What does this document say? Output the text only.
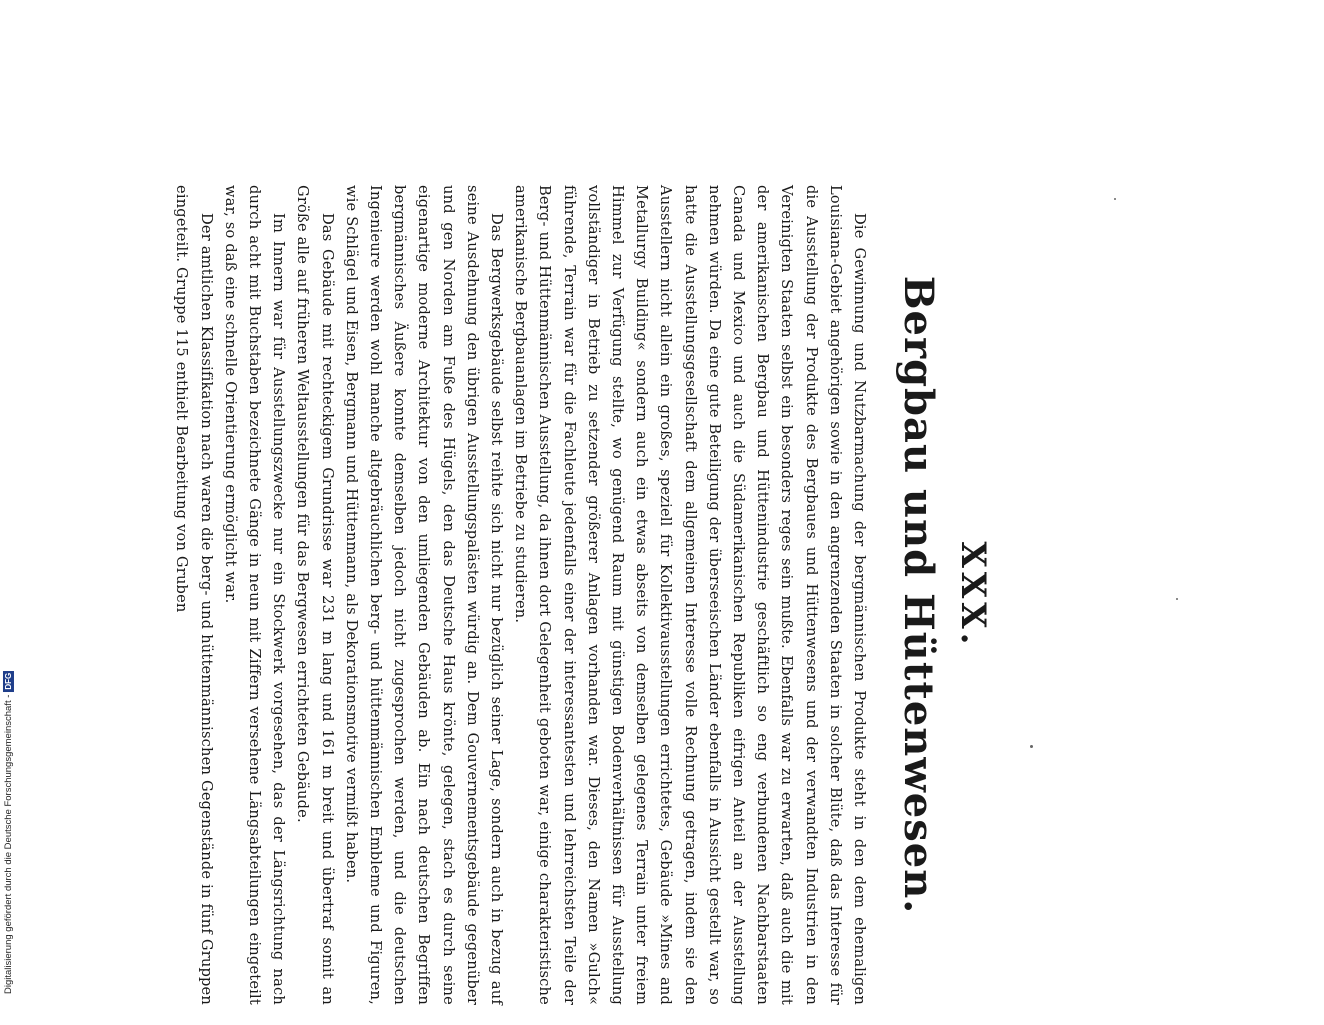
XXX.
Bergbau und Hüttenwesen.

Die Gewinnung und Nutzbarmachung der bergmännischen Produkte steht in den dem ehemaligen Louisiana-Gebiet angehörigen sowie in den angrenzenden Staaten in solcher Blüte, daß das Interesse für die Ausstellung der Produkte des Bergbaues und Hüttenwesens und der verwandten Industrien in den Vereinigten Staaten selbst ein besonders reges sein mußte. Ebenfalls war zu erwarten, daß auch die mit der amerikanischen Bergbau und Hüttenindustrie geschäftlich so eng verbundenen Nachbarstaaten Canada und Mexico und auch die Südamerikanischen Republiken eifrigen Anteil an der Ausstellung nehmen würden. Da eine gute Beteiligung der überseeischen Länder ebenfalls in Aussicht gestellt war, so hatte die Ausstellungsgesellschaft dem allgemeinen Interesse volle Rechnung getragen, indem sie den Ausstellern nicht allein ein großes, speziell für Kollektivausstellungen errichtetes, Gebäude »Mines and Metallurgy Building« sondern auch ein etwas abseits von demselben gelegenes Terrain unter freiem Himmel zur Verfügung stellte, wo genügend Raum mit günstigen Bodenverhältnissen für Ausstellung vollständiger in Betrieb zu setzender größerer Anlagen vorhanden war. Dieses, den Namen »Gulch« führende, Terrain war für die Fachleute jedenfalls einer der interessantesten und lehrreichsten Teile der Berg- und Hüttenmännischen Ausstellung, da ihnen dort Gelegenheit geboten war, einige charakteristische amerikanische Bergbauanlagen im Betriebe zu studieren.

Das Bergwerksgebäude selbst reihte sich nicht nur bezüglich seiner Lage, sondern auch in bezug auf seine Ausdehnung den übrigen Ausstellungspalästen würdig an. Dem Gouvernementsgebäude gegenüber und gen Norden am Fuße des Hügels, den das Deutsche Haus krönte, gelegen, stach es durch seine eigenartige moderne Architektur von den umliegenden Gebäuden ab. Ein nach deutschen Begriffen bergmännisches Äußere konnte demselben jedoch nicht zugesprochen werden, und die deutschen Ingenieure werden wohl manche altgebräuchlichen berg- und hüttenmännischen Embleme und Figuren, wie Schlägel und Eisen, Bergmann und Hüttenmann, als Dekorationsmotive vermißt haben.

Das Gebäude mit rechteckigem Grundrisse war 231 m lang und 161 m breit und übertraf somit an Größe alle auf früheren Weltausstellungen für das Bergwesen errichteten Gebäude.

Im Innern war für Ausstellungszwecke nur ein Stockwerk vorgesehen, das der Längsrichtung nach durch acht mit Buchstaben bezeichnete Gänge in neun mit Ziffern versehene Längsabteilungen eingeteilt war, so daß eine schnelle Orientierung ermöglicht war.

Der amtlichen Klassifikation nach waren die berg- und hüttenmännischen Gegenstände in fünf Gruppen eingeteilt. Gruppe 115 enthielt Bearbeitung von Gruben

Digitalisierung gefördert durch die Deutsche Forschungsgemeinschaft -DFG
